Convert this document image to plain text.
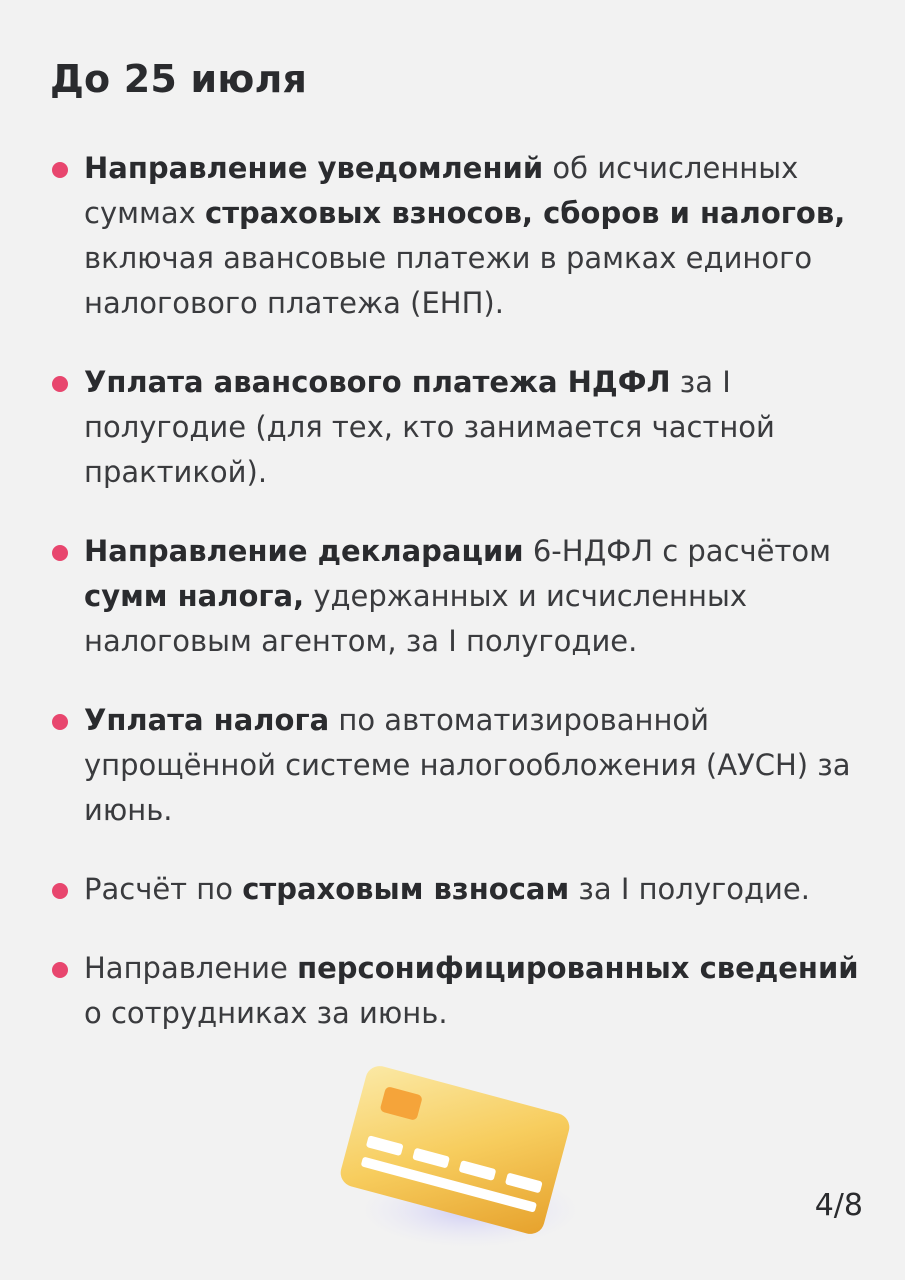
До 25 июля
Направление уведомлений об исчисленных суммах страховых взносов, сборов и налогов, включая авансовые платежи в рамках единого налогового платежа (ЕНП).
Уплата авансового платежа НДФЛ за I полугодие (для тех, кто занимается частной практикой).
Направление декларации 6-НДФЛ с расчётом сумм налога, удержанных и исчисленных налоговым агентом, за I полугодие.
Уплата налога по автоматизированной упрощённой системе налогообложения (АУСН) за июнь.
Расчёт по страховым взносам за I полугодие.
Направление персонифицированных сведений о сотрудниках за июнь.
4/8
